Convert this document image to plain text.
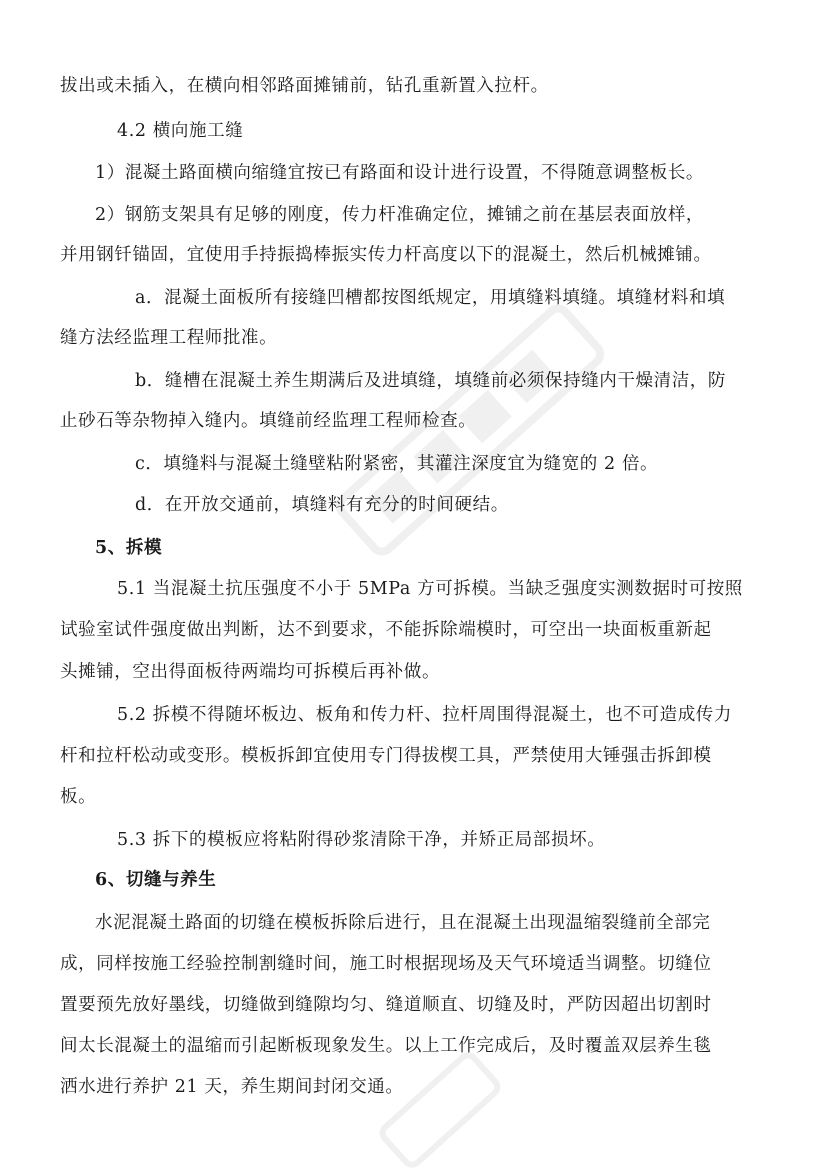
拔出或未插入，在横向相邻路面摊铺前，钻孔重新置入拉杆。
4.2 横向施工缝
1）混凝土路面横向缩缝宜按已有路面和设计进行设置，不得随意调整板长。
2）钢筋支架具有足够的刚度，传力杆准确定位，摊铺之前在基层表面放样，
并用钢钎锚固，宜使用手持振捣棒振实传力杆高度以下的混凝土，然后机械摊铺。
a．混凝土面板所有接缝凹槽都按图纸规定，用填缝料填缝。填缝材料和填
缝方法经监理工程师批准。
b．缝槽在混凝土养生期满后及进填缝，填缝前必须保持缝内干燥清洁，防
止砂石等杂物掉入缝内。填缝前经监理工程师检查。
c．填缝料与混凝土缝壁粘附紧密，其灌注深度宜为缝宽的 2 倍。
d．在开放交通前，填缝料有充分的时间硬结。
5、拆模
5.1 当混凝土抗压强度不小于 5MPa 方可拆模。当缺乏强度实测数据时可按照
试验室试件强度做出判断，达不到要求，不能拆除端模时，可空出一块面板重新起
头摊铺，空出得面板待两端均可拆模后再补做。
5.2 拆模不得随坏板边、板角和传力杆、拉杆周围得混凝土，也不可造成传力
杆和拉杆松动或变形。模板拆卸宜使用专门得拔楔工具，严禁使用大锤强击拆卸模
板。
5.3 拆下的模板应将粘附得砂浆清除干净，并矫正局部损坏。
6、切缝与养生
水泥混凝土路面的切缝在模板拆除后进行，且在混凝土出现温缩裂缝前全部完
成，同样按施工经验控制割缝时间，施工时根据现场及天气环境适当调整。切缝位
置要预先放好墨线，切缝做到缝隙均匀、缝道顺直、切缝及时，严防因超出切割时
间太长混凝土的温缩而引起断板现象发生。以上工作完成后，及时覆盖双层养生毯
洒水进行养护 21 天，养生期间封闭交通。
